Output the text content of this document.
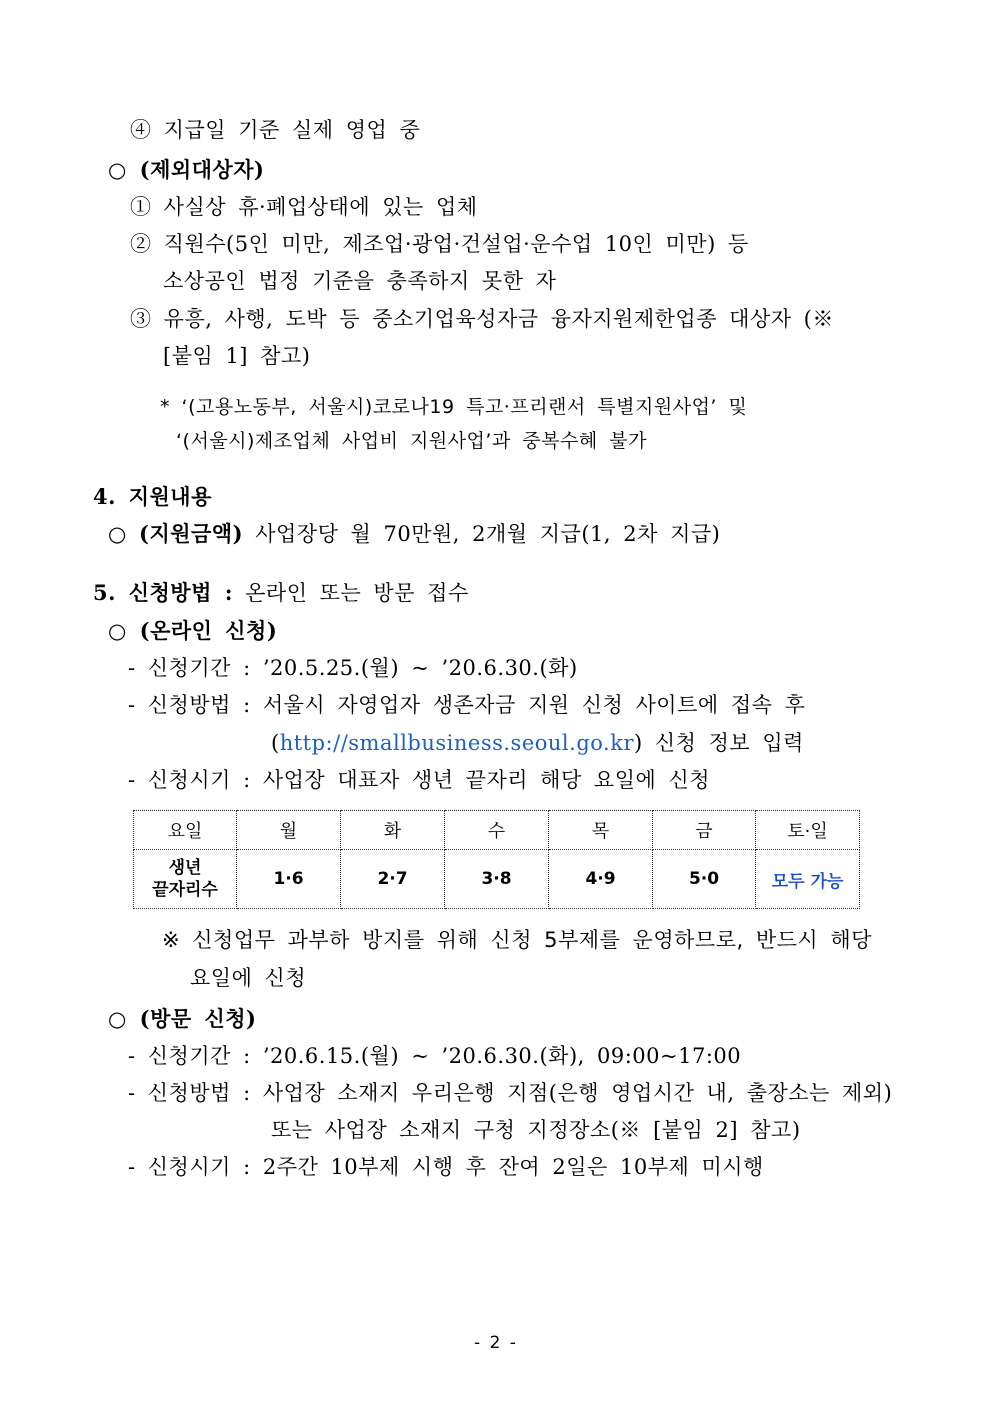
④ 지급일 기준 실제 영업 중
○ (제외대상자)
① 사실상 휴·폐업상태에 있는 업체
② 직원수(5인 미만, 제조업·광업·건설업·운수업 10인 미만) 등
소상공인 법정 기준을 충족하지 못한 자
③ 유흥, 사행, 도박 등 중소기업육성자금 융자지원제한업종 대상자 (※
[붙임 1] 참고)
* ‘(고용노동부, 서울시)코로나19 특고·프리랜서 특별지원사업’ 및
‘(서울시)제조업체 사업비 지원사업’과 중복수혜 불가
4. 지원내용
○ (지원금액) 사업장당 월 70만원, 2개월 지급(1, 2차 지급)
5. 신청방법 : 온라인 또는 방문 접수
○ (온라인 신청)
- 신청기간 : ’20.5.25.(월) ~ ’20.6.30.(화)
- 신청방법 : 서울시 자영업자 생존자금 지원 신청 사이트에 접속 후
(http://smallbusiness.seoul.go.kr) 신청 정보 입력
- 신청시기 : 사업장 대표자 생년 끝자리 해당 요일에 신청
요일	월	화	수	목	금	토·일

생년
끝자리수	1·6	2·7	3·8	4·9	5·0	모두 가능
※ 신청업무 과부하 방지를 위해 신청 5부제를 운영하므로, 반드시 해당
요일에 신청
○ (방문 신청)
- 신청기간 : ’20.6.15.(월) ~ ’20.6.30.(화), 09:00~17:00
- 신청방법 : 사업장 소재지 우리은행 지점(은행 영업시간 내, 출장소는 제외)
또는 사업장 소재지 구청 지정장소(※ [붙임 2] 참고)
- 신청시기 : 2주간 10부제 시행 후 잔여 2일은 10부제 미시행
- 2 -
